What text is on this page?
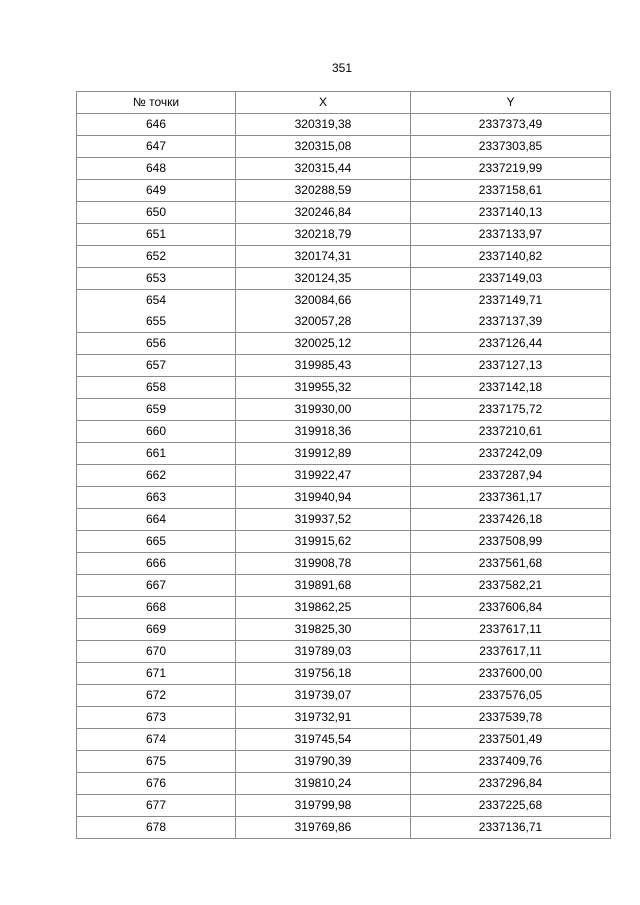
351
№ точки	X	Y
646	320319,38	2337373,49
647	320315,08	2337303,85
648	320315,44	2337219,99
649	320288,59	2337158,61
650	320246,84	2337140,13
651	320218,79	2337133,97
652	320174,31	2337140,82
653	320124,35	2337149,03
654	320084,66	2337149,71
655	320057,28	2337137,39
656	320025,12	2337126,44
657	319985,43	2337127,13
658	319955,32	2337142,18
659	319930,00	2337175,72
660	319918,36	2337210,61
661	319912,89	2337242,09
662	319922,47	2337287,94
663	319940,94	2337361,17
664	319937,52	2337426,18
665	319915,62	2337508,99
666	319908,78	2337561,68
667	319891,68	2337582,21
668	319862,25	2337606,84
669	319825,30	2337617,11
670	319789,03	2337617,11
671	319756,18	2337600,00
672	319739,07	2337576,05
673	319732,91	2337539,78
674	319745,54	2337501,49
675	319790,39	2337409,76
676	319810,24	2337296,84
677	319799,98	2337225,68
678	319769,86	2337136,71
